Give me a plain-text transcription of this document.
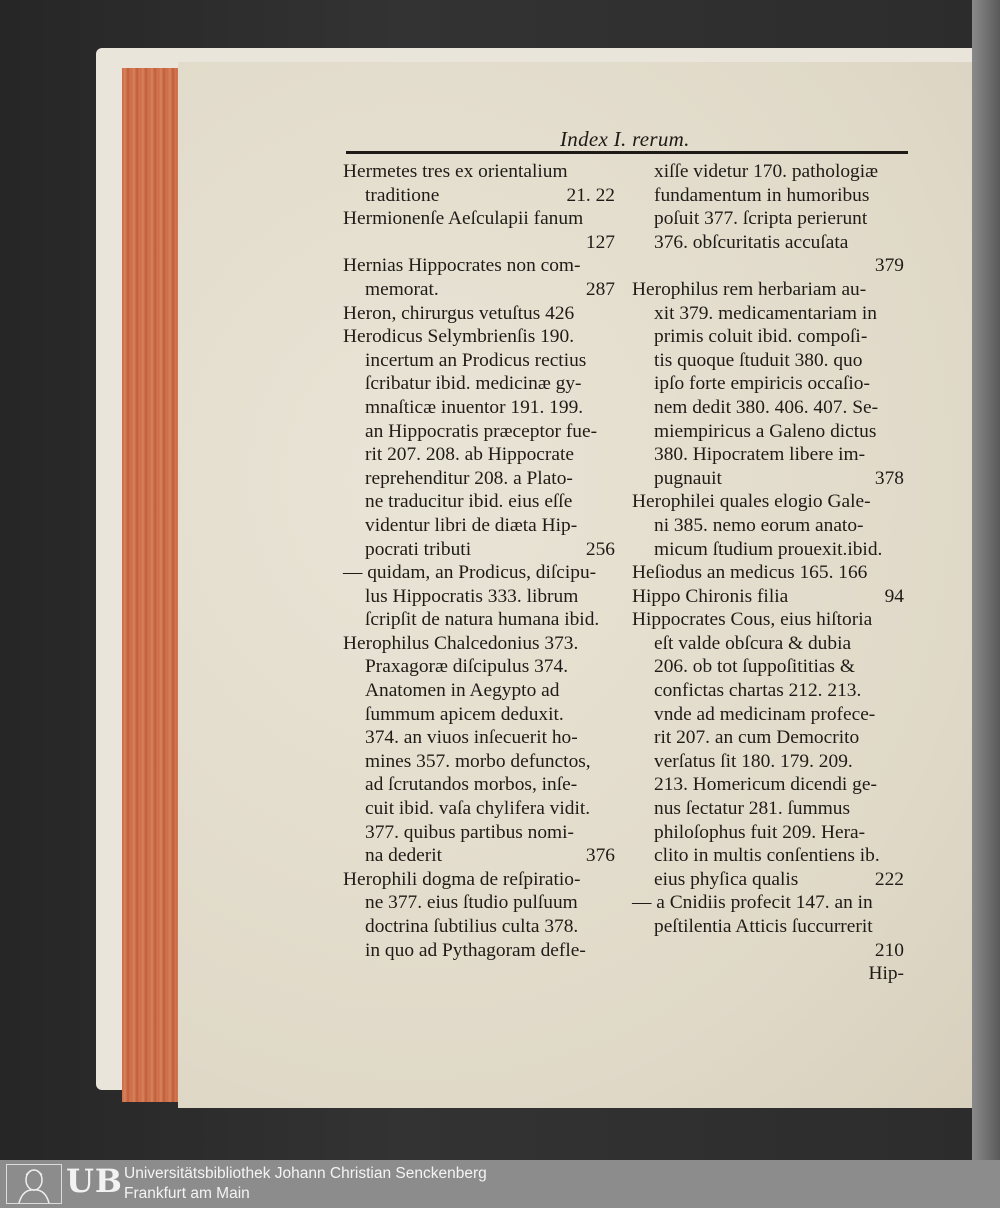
Index I. rerum.
Hermetes tres ex orientalium
traditione	21. 22
Hermionenſe Aeſculapii fanum
127
Hernias Hippocrates non com-
memorat.	287
Heron, chirurgus vetuſtus 426
Herodicus Selymbrienſis 190.
incertum an Prodicus rectius
ſcribatur ibid. medicinæ gy-
mnaſticæ inuentor 191. 199.
an Hippocratis præceptor fue-
rit 207. 208. ab Hippocrate
reprehenditur 208. a Plato-
ne traducitur ibid. eius eſſe
videntur libri de diæta Hip-
pocrati tributi	256
— quidam, an Prodicus, diſcipu-
lus Hippocratis 333. librum
ſcripſit de natura humana ibid.
Herophilus Chalcedonius 373.
Praxagoræ diſcipulus 374.
Anatomen in Aegypto ad
ſummum apicem deduxit.
374. an viuos inſecuerit ho-
mines 357. morbo defunctos,
ad ſcrutandos morbos, inſe-
cuit ibid. vaſa chylifera vidit.
377. quibus partibus nomi-
na dederit	376
Herophili dogma de reſpiratio-
ne 377. eius ſtudio pulſuum
doctrina ſubtilius culta 378.
in quo ad Pythagoram defle-
xiſſe videtur 170. pathologiæ
fundamentum in humoribus
poſuit 377. ſcripta perierunt
376. obſcuritatis accuſata
379
Herophilus rem herbariam au-
xit 379. medicamentariam in
primis coluit ibid. compoſi-
tis quoque ſtuduit 380. quo
ipſo forte empiricis occaſio-
nem dedit 380. 406. 407. Se-
miempiricus a Galeno dictus
380. Hipocratem libere im-
pugnauit	378
Herophilei quales elogio Gale-
ni 385. nemo eorum anato-
micum ſtudium prouexit.ibid.
Heſiodus an medicus 165. 166
Hippo Chironis filia	94
Hippocrates Cous, eius hiſtoria
eſt valde obſcura & dubia
206. ob tot ſuppoſititias &
confictas chartas 212. 213.
vnde ad medicinam profece-
rit 207. an cum Democrito
verſatus ſit 180. 179. 209.
213. Homericum dicendi ge-
nus ſectatur 281. ſummus
philoſophus fuit 209. Hera-
clito in multis conſentiens ib.
eius phyſica qualis	222
— a Cnidiis profecit 147. an in
peſtilentia Atticis ſuccurrerit
210
Hip-
UB Universitätsbibliothek Johann Christian Senckenberg
Frankfurt am Main
